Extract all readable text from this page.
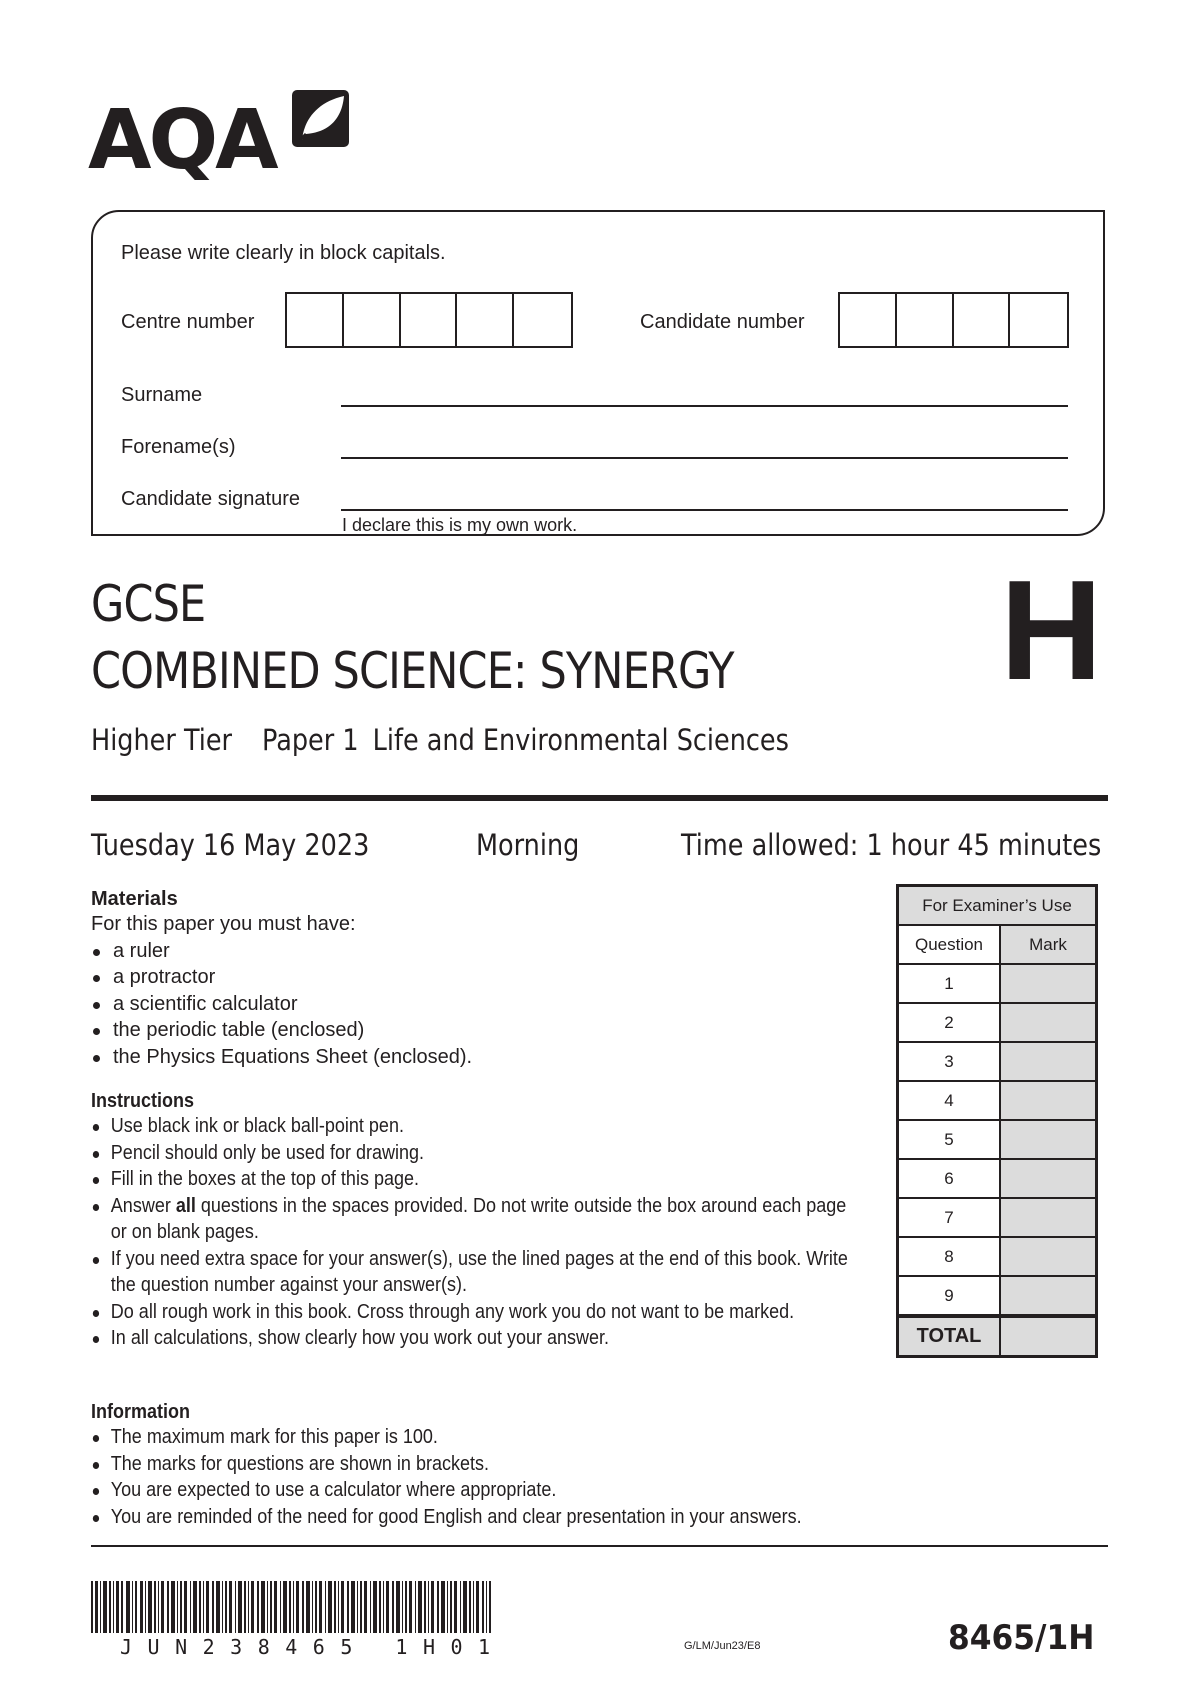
AQA
Please write clearly in block capitals.
Centre number	Candidate number
Surname
Forename(s)
Candidate signature
I declare this is my own work.
GCSE
COMBINED SCIENCE: SYNERGY
Higher Tier Paper 1 Life and Environmental Sciences
H
Tuesday 16 May 2023	Morning	Time allowed: 1 hour 45 minutes
Materials
For this paper you must have:
a ruler
a protractor
a scientific calculator
the periodic table (enclosed)
the Physics Equations Sheet (enclosed).
Instructions
Use black ink or black ball-point pen.
Pencil should only be used for drawing.
Fill in the boxes at the top of this page.
Answer all questions in the spaces provided. Do not write outside the box around each page or on blank pages.
If you need extra space for your answer(s), use the lined pages at the end of this book. Write the question number against your answer(s).
Do all rough work in this book. Cross through any work you do not want to be marked.
In all calculations, show clearly how you work out your answer.
Information
The maximum mark for this paper is 100.
The marks for questions are shown in brackets.
You are expected to use a calculator where appropriate.
You are reminded of the need for good English and clear presentation in your answers.
For Examiner’s Use
Question	Mark
1
2
3
4
5
6
7
8
9
TOTAL
JUN238465 1H01	G/LM/Jun23/E8	8465/1H
